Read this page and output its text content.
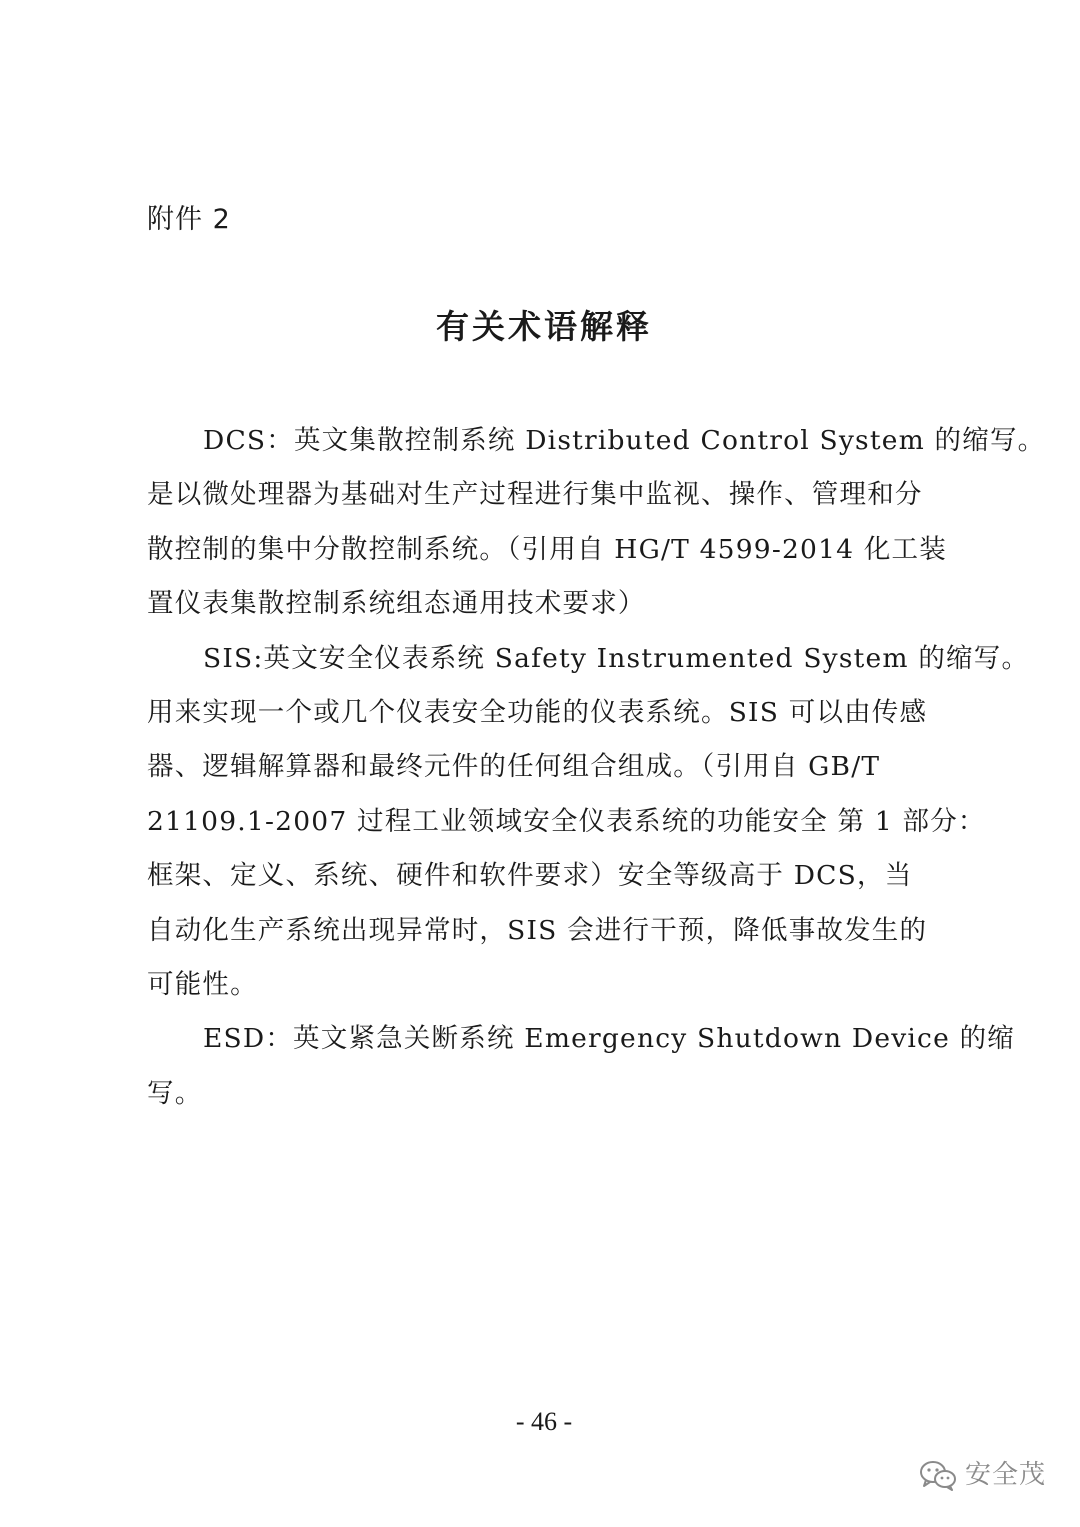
附件 2
有关术语解释

DCS：英文集散控制系统 Distributed Control System 的缩写。
是以微处理器为基础对生产过程进行集中监视、操作、管理和分
散控制的集中分散控制系统。（引用自 HG/T 4599-2014 化工装
置仪表集散控制系统组态通用技术要求）

SIS:英文安全仪表系统 Safety Instrumented System 的缩写。
用来实现一个或几个仪表安全功能的仪表系统。SIS 可以由传感
器、逻辑解算器和最终元件的任何组合组成。（引用自 GB/T
21109.1-2007 过程工业领域安全仪表系统的功能安全 第 1 部分：
框架、定义、系统、硬件和软件要求）安全等级高于 DCS，当
自动化生产系统出现异常时，SIS 会进行干预，降低事故发生的
可能性。

ESD：英文紧急关断系统 Emergency Shutdown Device 的缩
写。

- 46 -
安全茂
